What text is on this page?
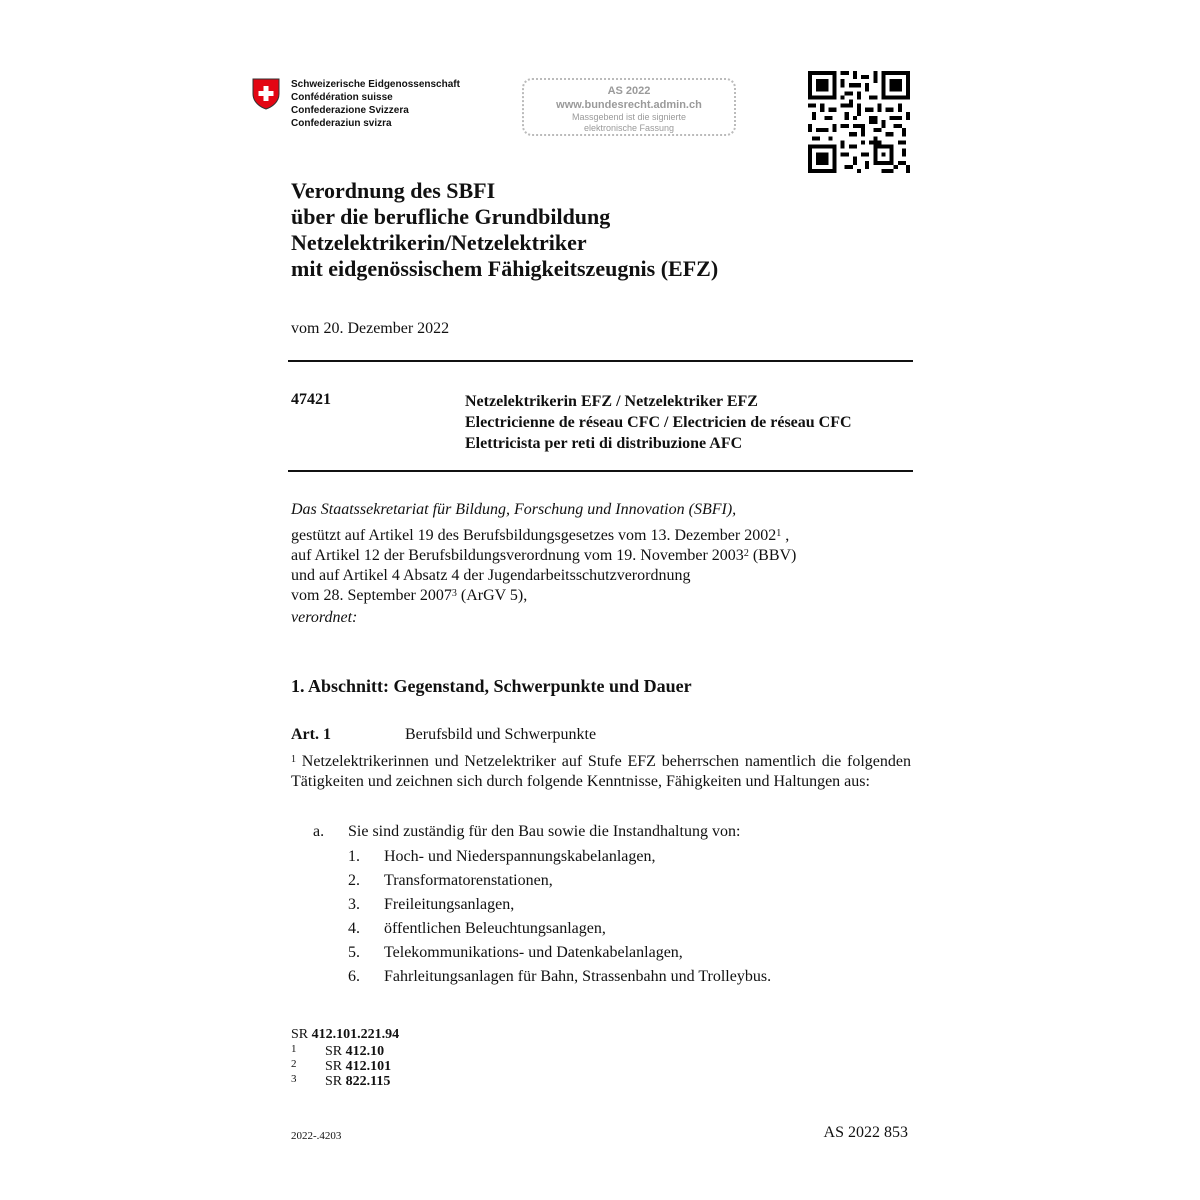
Schweizerische Eidgenossenschaft
Confédération suisse
Confederazione Svizzera
Confederaziun svizra
AS 2022
www.bundesrecht.admin.ch
Massgebend ist die signierte
elektronische Fassung
Verordnung des SBFI
über die berufliche Grundbildung
Netzelektrikerin/Netzelektriker
mit eidgenössischem Fähigkeitszeugnis (EFZ)
vom 20. Dezember 2022
47421	Netzelektrikerin EFZ / Netzelektriker EFZ
Electricienne de réseau CFC / Electricien de réseau CFC
Elettricista per reti di distribuzione AFC
Das Staatssekretariat für Bildung, Forschung und Innovation (SBFI),
gestützt auf Artikel 19 des Berufsbildungsgesetzes vom 13. Dezember 2002$^1$ ,
auf Artikel 12 der Berufsbildungsverordnung vom 19. November 2003$^2$ (BBV)
und auf Artikel 4 Absatz 4 der Jugendarbeitsschutzverordnung
vom 28. September 2007$^3$ (ArGV 5),
verordnet:
1. Abschnitt: Gegenstand, Schwerpunkte und Dauer
Art. 1	Berufsbild und Schwerpunkte
$^1$ Netzelektrikerinnen und Netzelektriker auf Stufe EFZ beherrschen namentlich die folgenden Tätigkeiten und zeichnen sich durch folgende Kenntnisse, Fähigkeiten und Haltungen aus:
a. Sie sind zuständig für den Bau sowie die Instandhaltung von:
1. Hoch- und Niederspannungskabelanlagen,
2. Transformatorenstationen,
3. Freileitungsanlagen,
4. öffentlichen Beleuchtungsanlagen,
5. Telekommunikations- und Datenkabelanlagen,
6. Fahrleitungsanlagen für Bahn, Strassenbahn und Trolleybus.
SR 412.101.221.94
1 SR 412.10
2 SR 412.101
3 SR 822.115
2022-.4203	AS 2022 853
